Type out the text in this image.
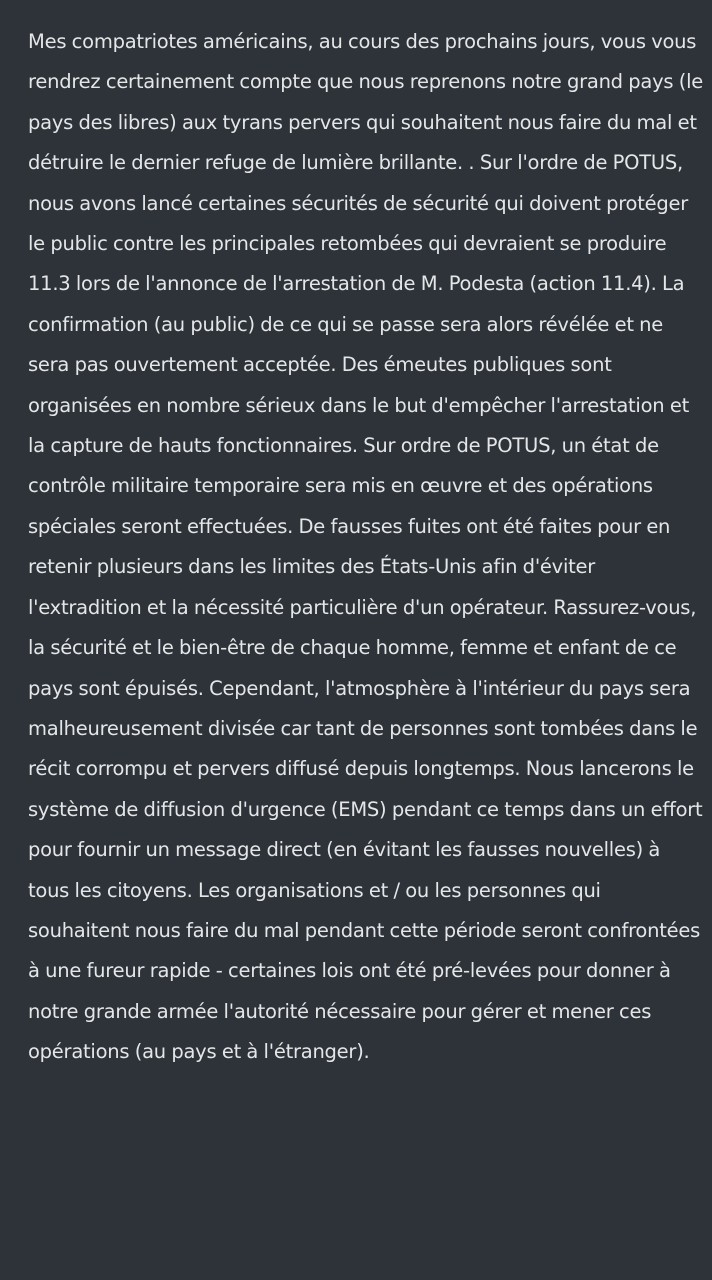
Mes compatriotes américains, au cours des prochains jours, vous vous rendrez certainement compte que nous reprenons notre grand pays (le pays des libres) aux tyrans pervers qui souhaitent nous faire du mal et détruire le dernier refuge de lumière brillante. . Sur l'ordre de POTUS, nous avons lancé certaines sécurités de sécurité qui doivent protéger le public contre les principales retombées qui devraient se produire 11.3 lors de l'annonce de l'arrestation de M. Podesta (action 11.4). La confirmation (au public) de ce qui se passe sera alors révélée et ne sera pas ouvertement acceptée. Des émeutes publiques sont organisées en nombre sérieux dans le but d'empêcher l'arrestation et la capture de hauts fonctionnaires. Sur ordre de POTUS, un état de contrôle militaire temporaire sera mis en œuvre et des opérations spéciales seront effectuées. De fausses fuites ont été faites pour en retenir plusieurs dans les limites des États-Unis afin d'éviter l'extradition et la nécessité particulière d'un opérateur. Rassurez-vous, la sécurité et le bien-être de chaque homme, femme et enfant de ce pays sont épuisés. Cependant, l'atmosphère à l'intérieur du pays sera malheureusement divisée car tant de personnes sont tombées dans le récit corrompu et pervers diffusé depuis longtemps. Nous lancerons le système de diffusion d'urgence (EMS) pendant ce temps dans un effort pour fournir un message direct (en évitant les fausses nouvelles) à tous les citoyens. Les organisations et / ou les personnes qui souhaitent nous faire du mal pendant cette période seront confrontées à une fureur rapide - certaines lois ont été pré-levées pour donner à notre grande armée l'autorité nécessaire pour gérer et mener ces opérations (au pays et à l'étranger).
